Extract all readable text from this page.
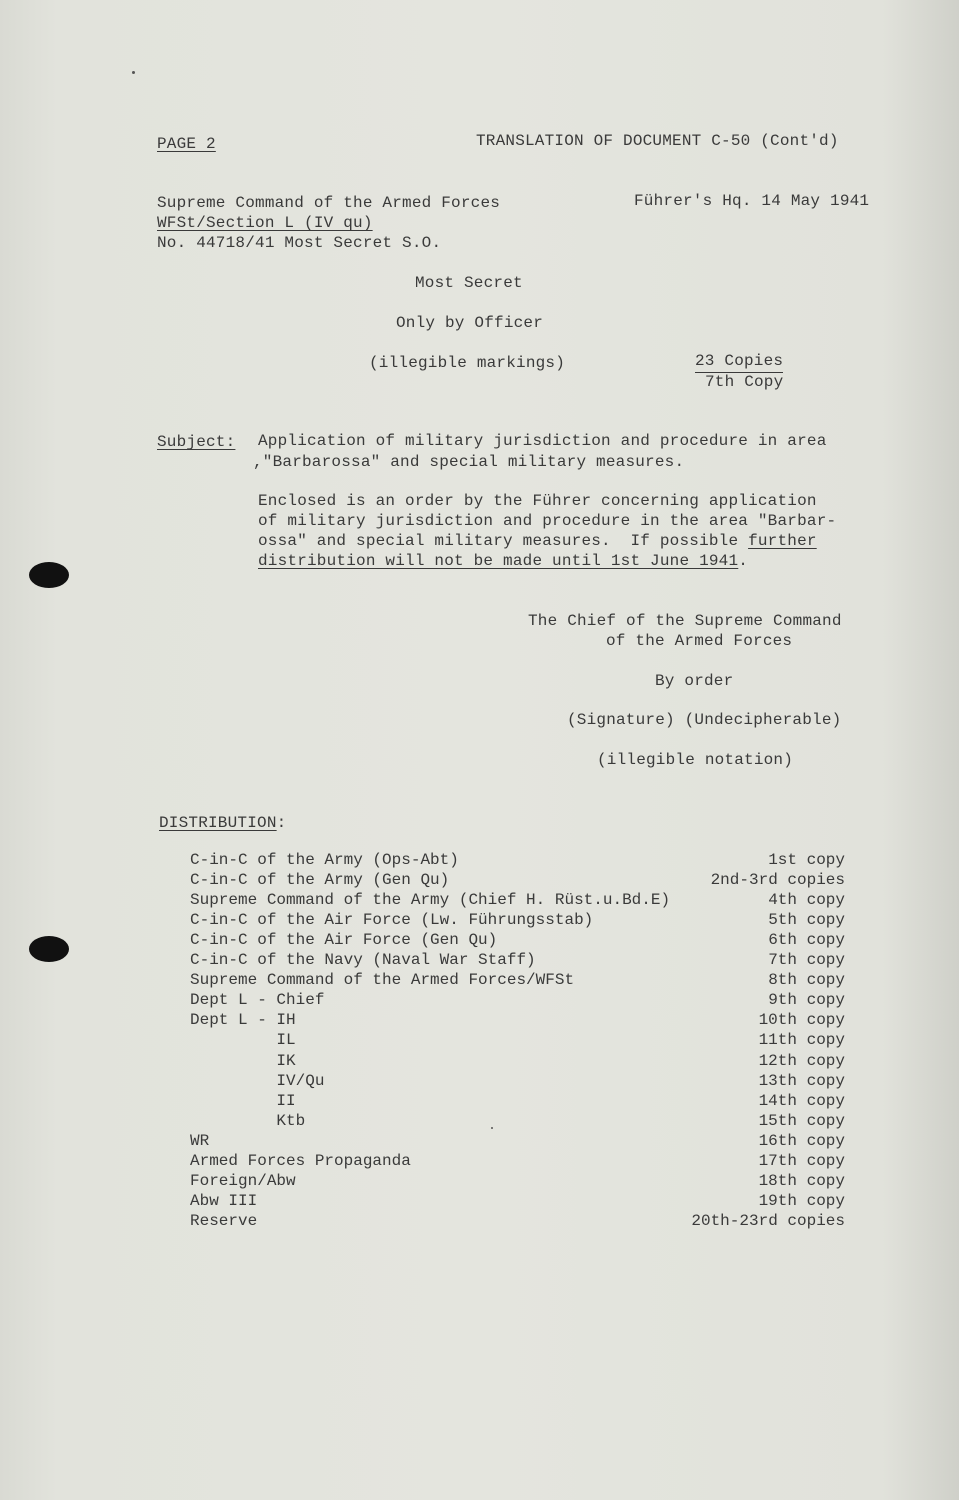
PAGE 2	TRANSLATION OF DOCUMENT C-50 (Cont'd)
Supreme Command of the Armed Forces
WFSt/Section L (IV qu)
No. 44718/41 Most Secret S.O.
Führer's Hq. 14 May 1941
Most Secret
Only by Officer
(illegible markings)	23 Copies
7th Copy
Subject: Application of military jurisdiction and procedure in area
,"Barbarossa" and special military measures.
Enclosed is an order by the Führer concerning application
of military jurisdiction and procedure in the area "Barbar-
ossa" and special military measures.  If possible further
distribution will not be made until 1st June 1941.
The Chief of the Supreme Command
of the Armed Forces
By order
(Signature) (Undecipherable)
(illegible notation)
DISTRIBUTION:
C-in-C of the Army (Ops-Abt)	1st copy
C-in-C of the Army (Gen Qu)	2nd-3rd copies
Supreme Command of the Army (Chief H. Rüst.u.Bd.E)	4th copy
C-in-C of the Air Force (Lw. Führungsstab)	5th copy
C-in-C of the Air Force (Gen Qu)	6th copy
C-in-C of the Navy (Naval War Staff)	7th copy
Supreme Command of the Armed Forces/WFSt	8th copy
Dept L - Chief	9th copy
Dept L - IH	10th copy
IL	11th copy
IK	12th copy
IV/Qu	13th copy
II	14th copy
Ktb	15th copy
WR	16th copy
Armed Forces Propaganda	17th copy
Foreign/Abw	18th copy
Abw III	19th copy
Reserve	20th-23rd copies
